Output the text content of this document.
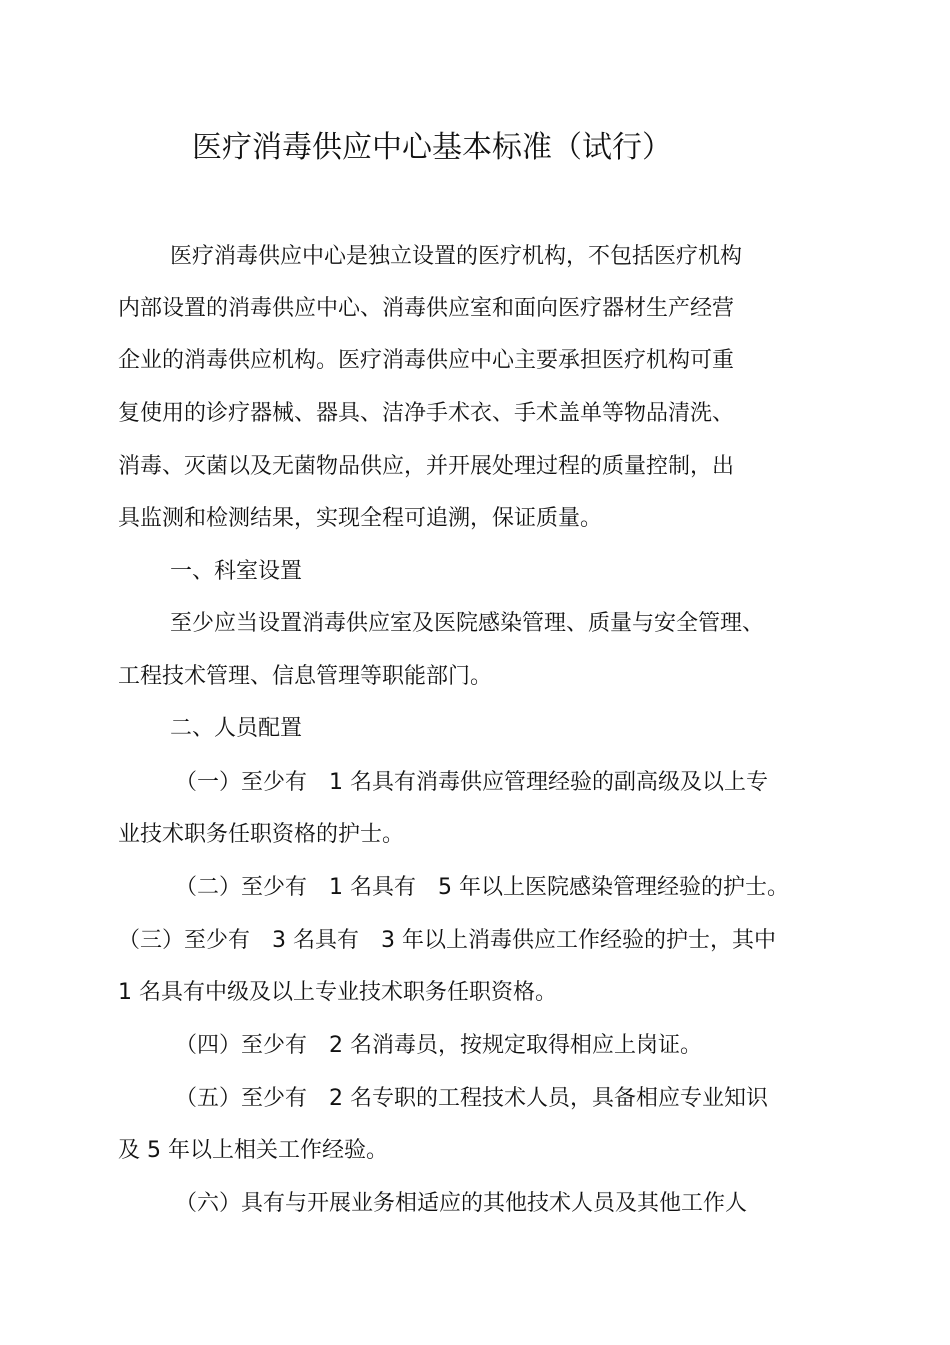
医疗消毒供应中心基本标准（试行）
医疗消毒供应中心是独立设置的医疗机构，不包括医疗机构
内部设置的消毒供应中心、消毒供应室和面向医疗器材生产经营
企业的消毒供应机构。医疗消毒供应中心主要承担医疗机构可重
复使用的诊疗器械、器具、洁净手术衣、手术盖单等物品清洗、
消毒、灭菌以及无菌物品供应，并开展处理过程的质量控制，出
具监测和检测结果，实现全程可追溯，保证质量。
一、科室设置
至少应当设置消毒供应室及医院感染管理、质量与安全管理、
工程技术管理、信息管理等职能部门。
二、人员配置
（一）至少有　1 名具有消毒供应管理经验的副高级及以上专
业技术职务任职资格的护士。
（二）至少有　1 名具有　5 年以上医院感染管理经验的护士。
（三）至少有　3 名具有　3 年以上消毒供应工作经验的护士，其中
1 名具有中级及以上专业技术职务任职资格。
（四）至少有　2 名消毒员，按规定取得相应上岗证。
（五）至少有　2 名专职的工程技术人员，具备相应专业知识
及 5 年以上相关工作经验。
（六）具有与开展业务相适应的其他技术人员及其他工作人
